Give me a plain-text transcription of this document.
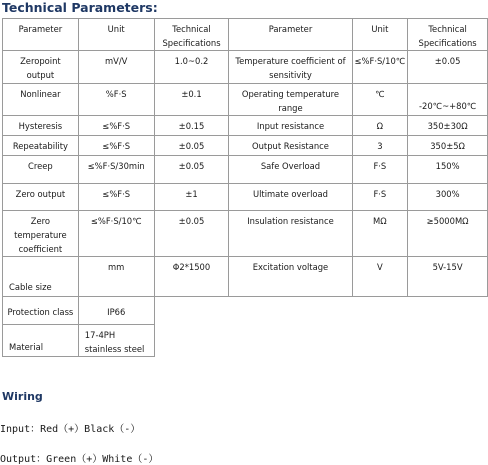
Technical Parameters:
Parameter	Unit	Technical Specifications	Parameter	Unit	Technical Specifications
Zeropoint output	mV/V	1.0~0.2	Temperature coefficient of sensitivity	≤%F·S/10℃	±0.05
Nonlinear	%F·S	±0.1	Operating temperature range	℃	-20℃~+80℃
Hysteresis	≤%F·S	±0.15	Input resistance	Ω	350±30Ω
Repeatability	≤%F·S	±0.05	Output Resistance	3	350±5Ω
Creep	≤%F·S/30min	±0.05	Safe Overload	F·S	150%
Zero output	≤%F·S	±1	Ultimate overload	F·S	300%
Zero temperature coefficient	≤%F·S/10℃	±0.05	Insulation resistance	MΩ	≥5000MΩ
Cable size	mm	Φ2*1500	Excitation voltage	V	5V-15V
Protection class	IP66				
Material	17-4PH stainless steel				
Wiring
Input：Red（+）Black（-）
Output：Green（+）White（-）
